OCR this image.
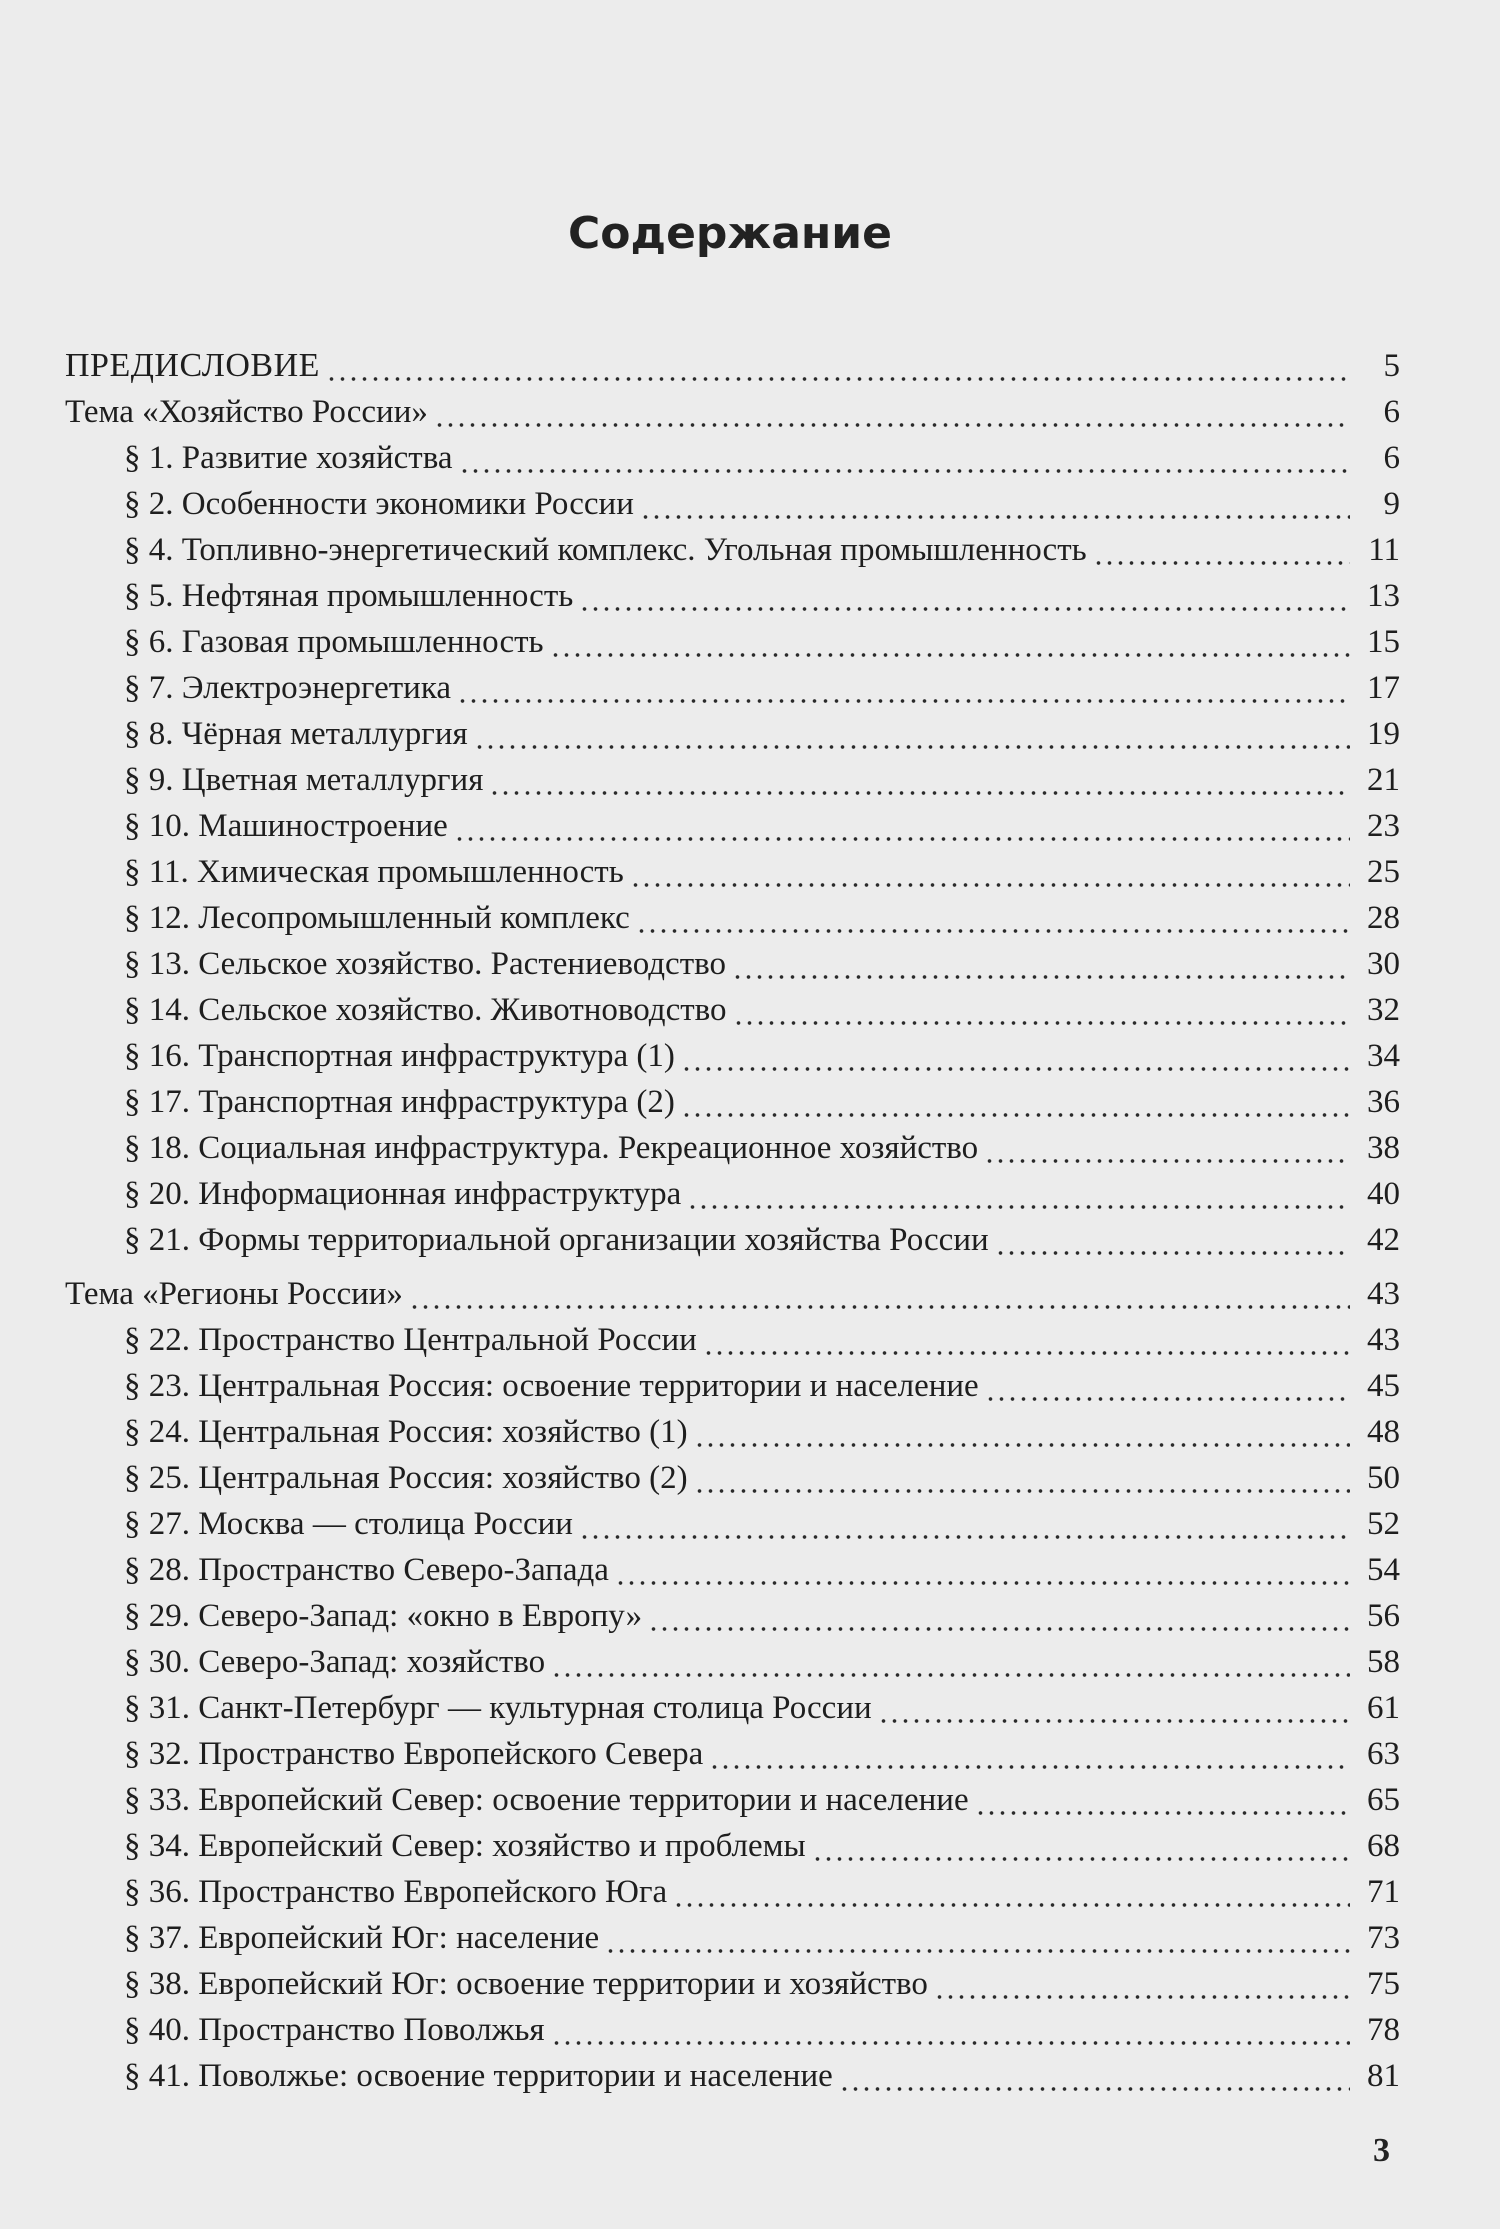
Содержание
ПРЕДИСЛОВИЕ	5
Тема «Хозяйство России»	6
§ 1. Развитие хозяйства	6
§ 2. Особенности экономики России	9
§ 4. Топливно-энергетический комплекс. Угольная промышленность	11
§ 5. Нефтяная промышленность	13
§ 6. Газовая промышленность	15
§ 7. Электроэнергетика	17
§ 8. Чёрная металлургия	19
§ 9. Цветная металлургия	21
§ 10. Машиностроение	23
§ 11. Химическая промышленность	25
§ 12. Лесопромышленный комплекс	28
§ 13. Сельское хозяйство. Растениеводство	30
§ 14. Сельское хозяйство. Животноводство	32
§ 16. Транспортная инфраструктура (1)	34
§ 17. Транспортная инфраструктура (2)	36
§ 18. Социальная инфраструктура. Рекреационное хозяйство	38
§ 20. Информационная инфраструктура	40
§ 21. Формы территориальной организации хозяйства России	42
Тема «Регионы России»	43
§ 22. Пространство Центральной России	43
§ 23. Центральная Россия: освоение территории и население	45
§ 24. Центральная Россия: хозяйство (1)	48
§ 25. Центральная Россия: хозяйство (2)	50
§ 27. Москва — столица России	52
§ 28. Пространство Северо-Запада	54
§ 29. Северо-Запад: «окно в Европу»	56
§ 30. Северо-Запад: хозяйство	58
§ 31. Санкт-Петербург — культурная столица России	61
§ 32. Пространство Европейского Севера	63
§ 33. Европейский Север: освоение территории и население	65
§ 34. Европейский Север: хозяйство и проблемы	68
§ 36. Пространство Европейского Юга	71
§ 37. Европейский Юг: население	73
§ 38. Европейский Юг: освоение территории и хозяйство	75
§ 40. Пространство Поволжья	78
§ 41. Поволжье: освоение территории и население	81
3
